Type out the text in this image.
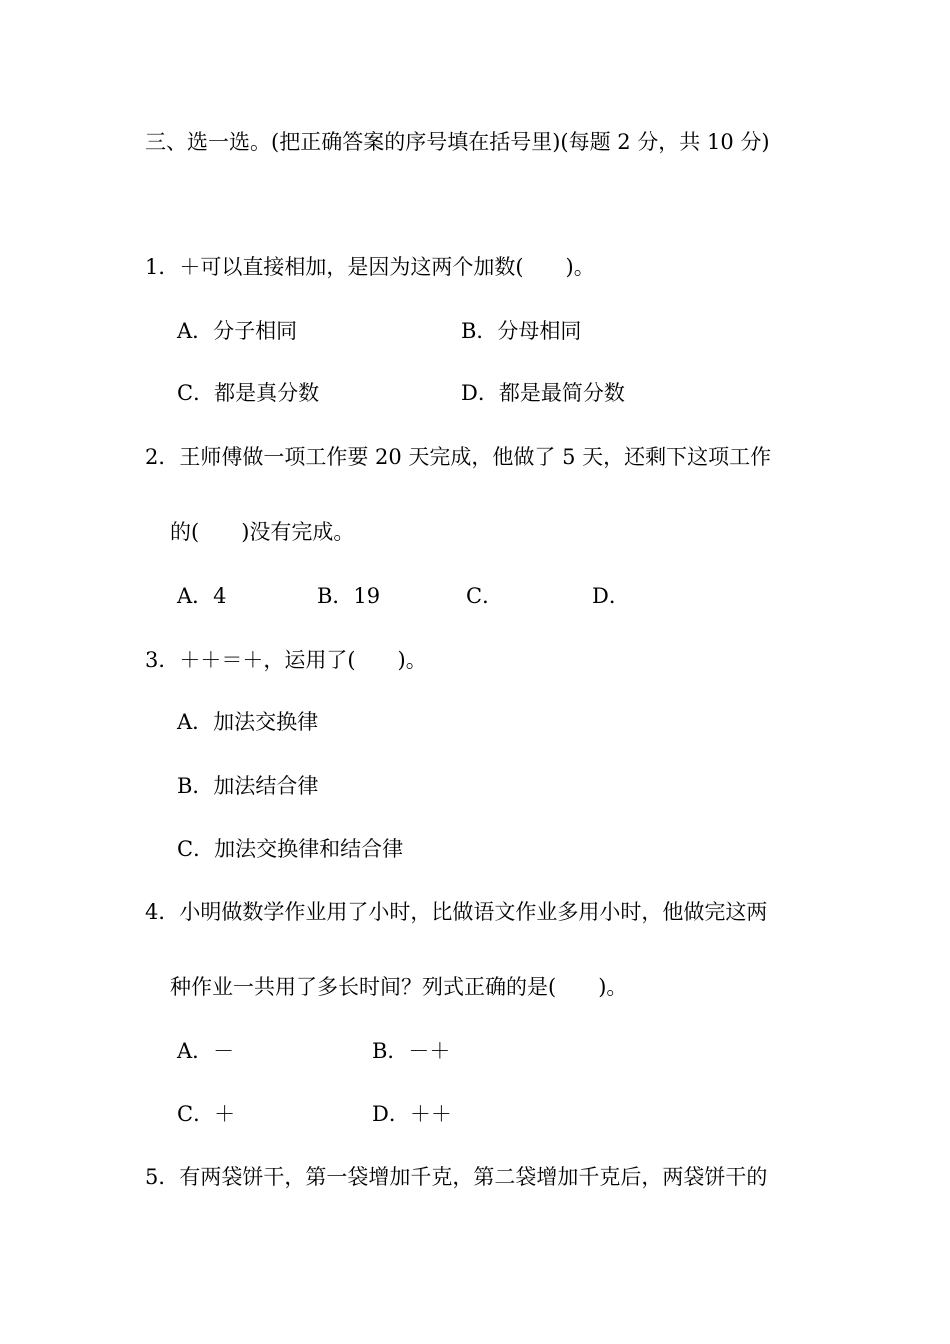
三、选一选。(把正确答案的序号填在括号里)(每题 2 分，共 10 分)
1．＋可以直接相加，是因为这两个加数(　　)。
A．分子相同	B．分母相同
C．都是真分数	D．都是最简分数
2．王师傅做一项工作要 20 天完成，他做了 5 天，还剩下这项工作
的(　　)没有完成。
A．4	B．19	C．	D．
3．＋＋＝＋，运用了(　　)。
A．加法交换律
B．加法结合律
C．加法交换律和结合律
4．小明做数学作业用了小时，比做语文作业多用小时，他做完这两
种作业一共用了多长时间？列式正确的是(　　)。
A．－	B．－＋
C．＋	D．＋＋
5．有两袋饼干，第一袋增加千克，第二袋增加千克后，两袋饼干的
